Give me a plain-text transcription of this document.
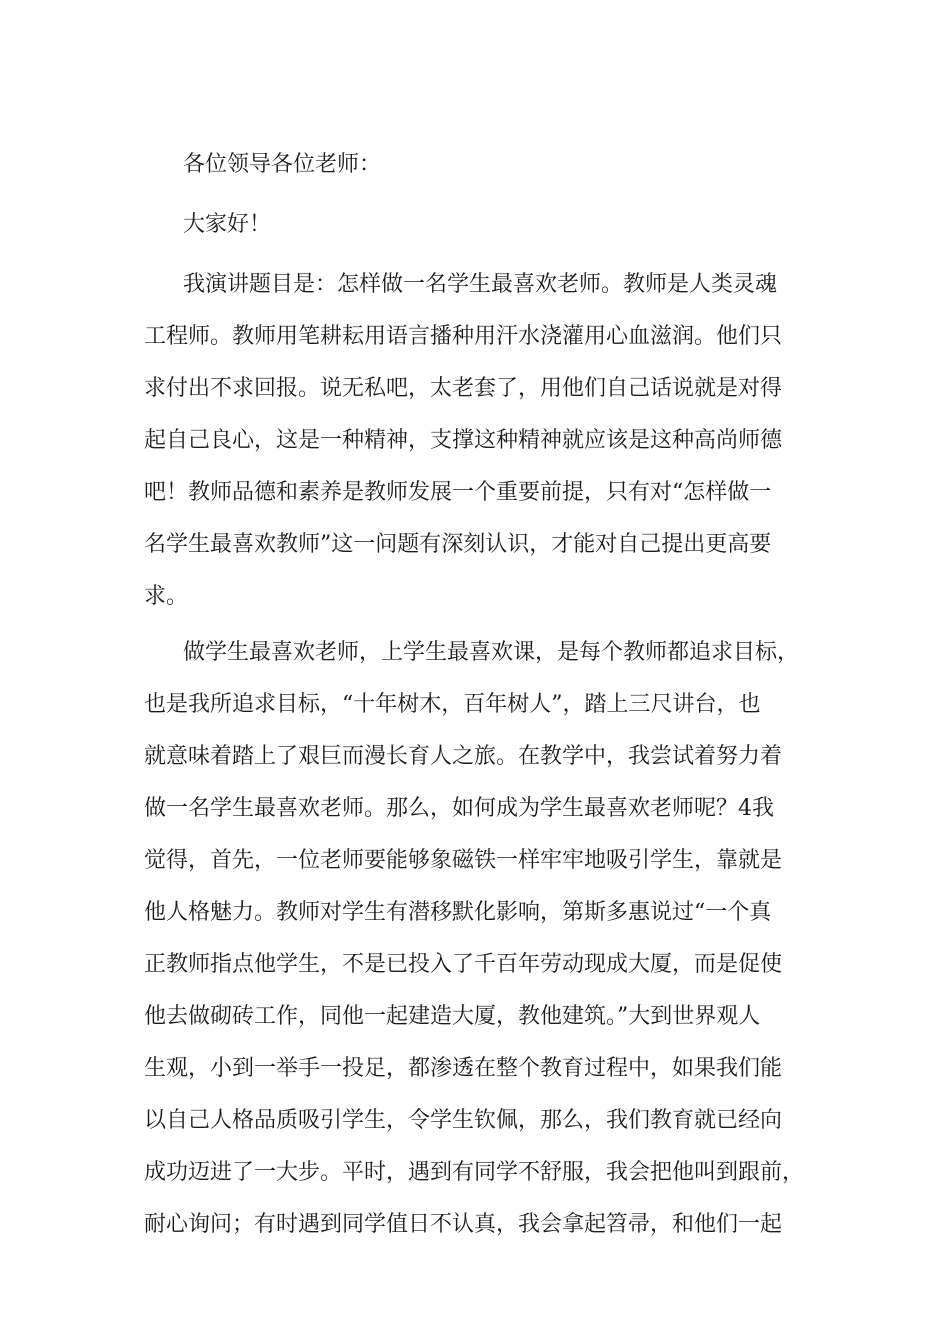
各位领导各位老师：
大家好！
我演讲题目是：怎样做一名学生最喜欢老师。教师是人类灵魂
工程师。教师用笔耕耘用语言播种用汗水浇灌用心血滋润。他们只
求付出不求回报。说无私吧，太老套了，用他们自己话说就是对得
起自己良心，这是一种精神，支撑这种精神就应该是这种高尚师德
吧！教师品德和素养是教师发展一个重要前提，只有对“怎样做一
名学生最喜欢教师”这一问题有深刻认识，才能对自己提出更高要
求。
做学生最喜欢老师，上学生最喜欢课，是每个教师都追求目标，
也是我所追求目标，“十年树木，百年树人”，踏上三尺讲台，也
就意味着踏上了艰巨而漫长育人之旅。在教学中，我尝试着努力着
做一名学生最喜欢老师。那么，如何成为学生最喜欢老师呢？4我
觉得，首先，一位老师要能够象磁铁一样牢牢地吸引学生，靠就是
他人格魅力。教师对学生有潜移默化影响，第斯多惠说过“一个真
正教师指点他学生，不是已投入了千百年劳动现成大厦，而是促使
他去做砌砖工作，同他一起建造大厦，教他建筑。”大到世界观人
生观，小到一举手一投足，都渗透在整个教育过程中，如果我们能
以自己人格品质吸引学生，令学生钦佩，那么，我们教育就已经向
成功迈进了一大步。平时，遇到有同学不舒服，我会把他叫到跟前，
耐心询问；有时遇到同学值日不认真，我会拿起笤帚，和他们一起
